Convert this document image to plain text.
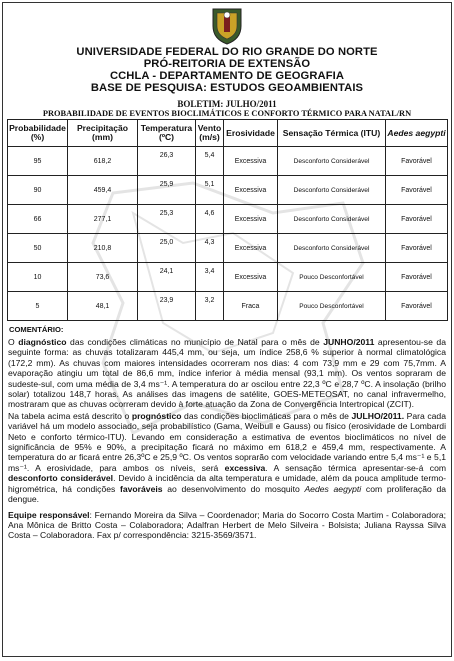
UNIVERSIDADE FEDERAL DO RIO GRANDE DO NORTE
PRÓ-REITORIA DE EXTENSÃO
CCHLA - DEPARTAMENTO DE GEOGRAFIA
BASE DE PESQUISA: ESTUDOS GEOAMBIENTAIS
BOLETIM: JULHO/2011
PROBABILIDADE DE EVENTOS BIOCLIMÁTICOS E CONFORTO TÉRMICO PARA NATAL/RN
Probabilidade (%)	Precipitação (mm)	Temperatura (ºC)	Vento (m/s)	Erosividade	Sensação Térmica (ITU)	Aedes aegypti
95	618,2	26,3	5,4	Excessiva	Desconforto Considerável	Favorável
90	459,4	25,9	5,1	Excessiva	Desconforto Considerável	Favorável
66	277,1	25,3	4,6	Excessiva	Desconforto Considerável	Favorável
50	210,8	25,0	4,3	Excessiva	Desconforto Considerável	Favorável
10	73,6	24,1	3,4	Excessiva	Pouco Desconfortável	Favorável
5	48,1	23,9	3,2	Fraca	Pouco Desconfortável	Favorável
COMENTÁRIO:

O diagnóstico das condições climáticas no município de Natal para o mês de JUNHO/2011 apresentou-se da seguinte forma: as chuvas totalizaram 445,4 mm, ou seja, um índice 258,6 % superior à normal climatológica (172,2 mm). As chuvas com maiores intensidades ocorreram nos dias: 4 com 73,9 mm e 29 com 75,7mm. A evaporação atingiu um total de 86,6 mm, índice inferior à média mensal (93,1 mm). Os ventos sopraram de sudeste-sul, com uma média de 3,4 ms⁻¹. A temperatura do ar oscilou entre 22,3 ºC e 28,7 ºC. A insolação (brilho solar) totalizou 148,7 horas. As análises das imagens de satélite, GOES-METEOSAT, no canal infravermelho, mostraram que as chuvas ocorreram devido à forte atuação da Zona de Convergência Intertropical (ZCIT).

Na tabela acima está descrito o prognóstico das condições bioclimáticas para o mês de JULHO/2011. Para cada variável há um modelo associado, seja probabilístico (Gama, Weibull e Gauss) ou físico (erosividade de Lombardi Neto e conforto térmico-ITU). Levando em consideração a estimativa de eventos bioclimáticos no nível de significância de 95% e 90%, a precipitação ficará no máximo em 618,2 e 459,4 mm, respectivamente. A temperatura do ar ficará entre 26,3ºC e 25,9 ºC. Os ventos soprarão com velocidade variando entre 5,4 ms⁻¹ e 5,1 ms⁻¹. A erosividade, para ambos os níveis, será excessiva. A sensação térmica apresentar-se-á com desconforto considerável. Devido à incidência da alta temperatura e umidade, além da pouca amplitude termo-higrométrica, há condições favoráveis ao desenvolvimento do mosquito Aedes aegypti com proliferação da dengue.

Equipe responsável: Fernando Moreira da Silva – Coordenador; Maria do Socorro Costa Martim - Colaboradora; Ana Mônica de Britto Costa – Colaboradora; Adalfran Herbert de Melo Silveira - Bolsista; Juliana Rayssa Silva Costa – Colaboradora. Fax p/ correspondência: 3215-3569/3571.
